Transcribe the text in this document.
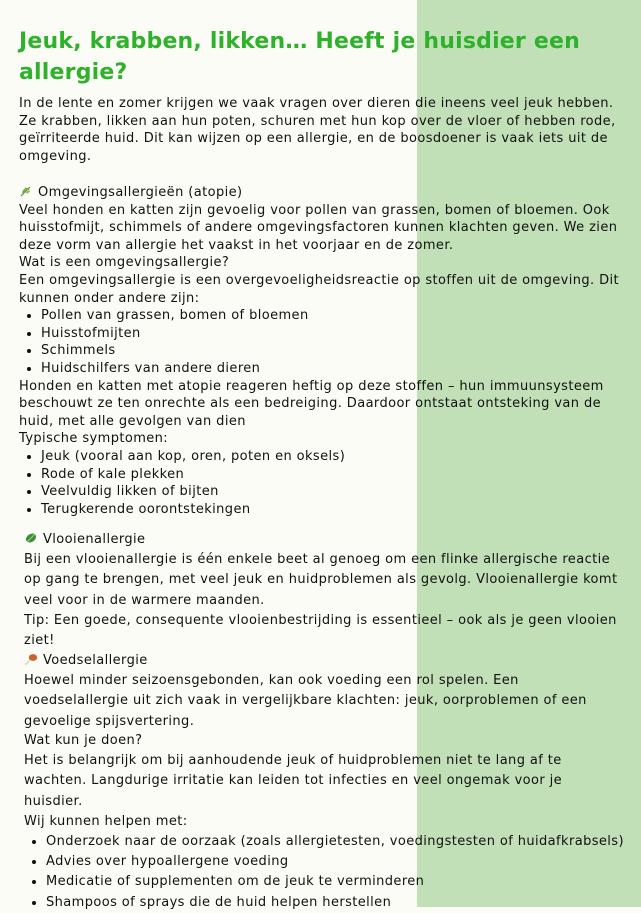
Jeuk, krabben, likken… Heeft je huisdier een allergie?

In de lente en zomer krijgen we vaak vragen over dieren die ineens veel jeuk hebben. Ze krabben, likken aan hun poten, schuren met hun kop over de vloer of hebben rode, geïrriteerde huid. Dit kan wijzen op een allergie, en de boosdoener is vaak iets uit de omgeving.

Omgevingsallergieën (atopie)

Veel honden en katten zijn gevoelig voor pollen van grassen, bomen of bloemen. Ook huisstofmijt, schimmels of andere omgevingsfactoren kunnen klachten geven. We zien deze vorm van allergie het vaakst in het voorjaar en de zomer.

Wat is een omgevingsallergie?

Een omgevingsallergie is een overgevoeligheidsreactie op stoffen uit de omgeving. Dit kunnen onder andere zijn:

• Pollen van grassen, bomen of bloemen
• Huisstofmijten
• Schimmels
• Huidschilfers van andere dieren

Honden en katten met atopie reageren heftig op deze stoffen – hun immuunsysteem beschouwt ze ten onrechte als een bedreiging. Daardoor ontstaat ontsteking van de huid, met alle gevolgen van dien

Typische symptomen:

• Jeuk (vooral aan kop, oren, poten en oksels)
• Rode of kale plekken
• Veelvuldig likken of bijten
• Terugkerende oorontstekingen

Vlooienallergie

Bij een vlooienallergie is één enkele beet al genoeg om een flinke allergische reactie op gang te brengen, met veel jeuk en huidproblemen als gevolg. Vlooienallergie komt veel voor in de warmere maanden.

Tip: Een goede, consequente vlooienbestrijding is essentieel – ook als je geen vlooien ziet!

Voedselallergie

Hoewel minder seizoensgebonden, kan ook voeding een rol spelen. Een voedselallergie uit zich vaak in vergelijkbare klachten: jeuk, oorproblemen of een gevoelige spijsvertering.

Wat kun je doen?

Het is belangrijk om bij aanhoudende jeuk of huidproblemen niet te lang af te wachten. Langdurige irritatie kan leiden tot infecties en veel ongemak voor je huisdier.

Wij kunnen helpen met:

• Onderzoek naar de oorzaak (zoals allergietesten, voedingstesten of huidafkrabsels)
• Advies over hypoallergene voeding
• Medicatie of supplementen om de jeuk te verminderen
• Shampoos of sprays die de huid helpen herstellen
